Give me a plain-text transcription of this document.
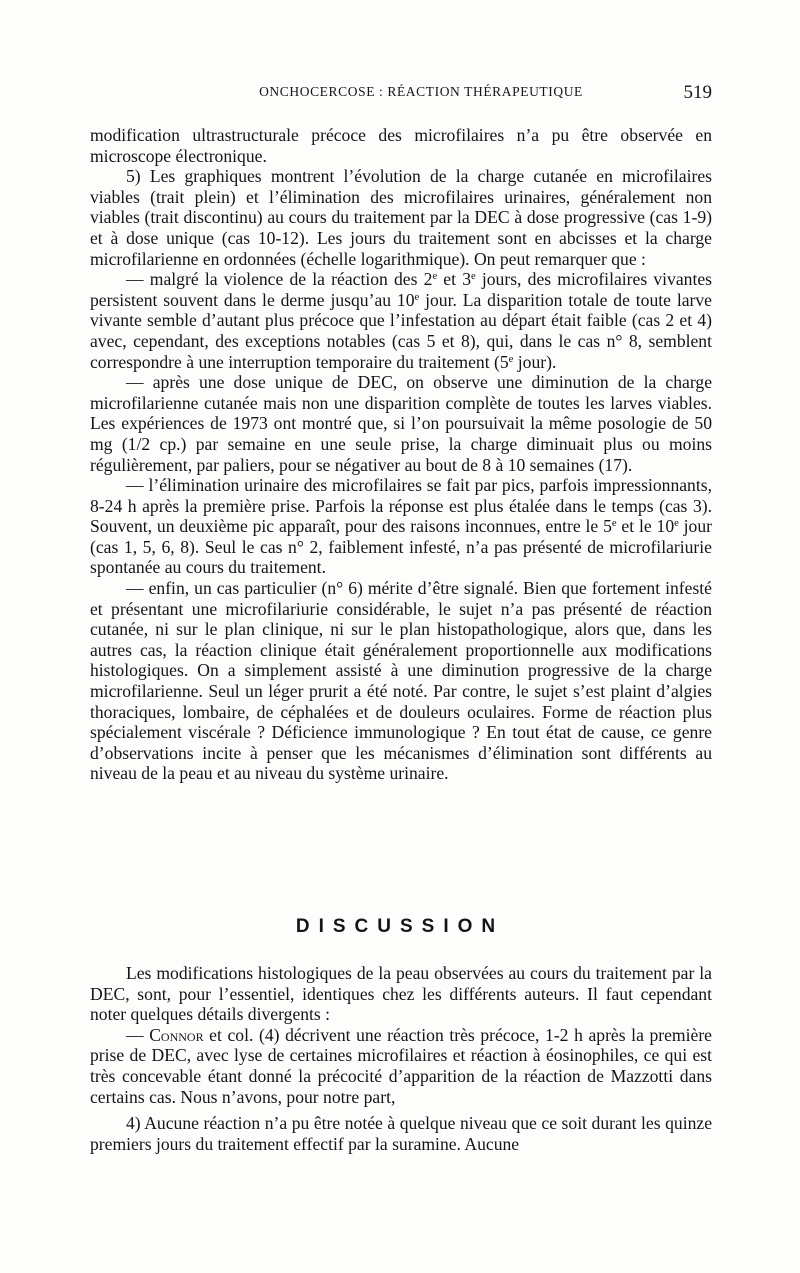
ONCHOCERCOSE : RÉACTION THÉRAPEUTIQUE	519

modification ultrastructurale précoce des microfilaires n’a pu être observée en microscope électronique.

5) Les graphiques montrent l’évolution de la charge cutanée en microfilaires viables (trait plein) et l’élimination des microfilaires urinaires, généralement non viables (trait discontinu) au cours du traitement par la DEC à dose progressive (cas 1-9) et à dose unique (cas 10-12). Les jours du traitement sont en abcisses et la charge microfilarienne en ordonnées (échelle logarithmique). On peut remarquer que :

— malgré la violence de la réaction des 2e et 3e jours, des microfilaires vivantes persistent souvent dans le derme jusqu’au 10e jour. La disparition totale de toute larve vivante semble d’autant plus précoce que l’infestation au départ était faible (cas 2 et 4) avec, cependant, des exceptions notables (cas 5 et 8), qui, dans le cas n° 8, semblent correspondre à une interruption temporaire du traitement (5e jour).

— après une dose unique de DEC, on observe une diminution de la charge microfilarienne cutanée mais non une disparition complète de toutes les larves viables. Les expériences de 1973 ont montré que, si l’on poursuivait la même posologie de 50 mg (1/2 cp.) par semaine en une seule prise, la charge diminuait plus ou moins régulièrement, par paliers, pour se négativer au bout de 8 à 10 semaines (17).

— l’élimination urinaire des microfilaires se fait par pics, parfois impressionnants, 8-24 h après la première prise. Parfois la réponse est plus étalée dans le temps (cas 3). Souvent, un deuxième pic apparaît, pour des raisons inconnues, entre le 5e et le 10e jour (cas 1, 5, 6, 8). Seul le cas n° 2, faiblement infesté, n’a pas présenté de microfilariurie spontanée au cours du traitement.

— enfin, un cas particulier (n° 6) mérite d’être signalé. Bien que fortement infesté et présentant une microfilariurie considérable, le sujet n’a pas présenté de réaction cutanée, ni sur le plan clinique, ni sur le plan histopathologique, alors que, dans les autres cas, la réaction clinique était généralement proportionnelle aux modifications histologiques. On a simplement assisté à une diminution progressive de la charge microfilarienne. Seul un léger prurit a été noté. Par contre, le sujet s’est plaint d’algies thoraciques, lombaire, de céphalées et de douleurs oculaires. Forme de réaction plus spécialement viscérale ? Déficience immunologique ? En tout état de cause, ce genre d’observations incite à penser que les mécanismes d’élimination sont différents au niveau de la peau et au niveau du système urinaire.

DISCUSSION

Les modifications histologiques de la peau observées au cours du traitement par la DEC, sont, pour l’essentiel, identiques chez les différents auteurs. Il faut cependant noter quelques détails divergents :

— Connor et col. (4) décrivent une réaction très précoce, 1-2 h après la première prise de DEC, avec lyse de certaines microfilaires et réaction à éosinophiles, ce qui est très concevable étant donné la précocité d’apparition de la réaction de Mazzotti dans certains cas. Nous n’avons, pour notre part,

4) Aucune réaction n’a pu être notée à quelque niveau que ce soit durant les quinze premiers jours du traitement effectif par la suramine. Aucune
